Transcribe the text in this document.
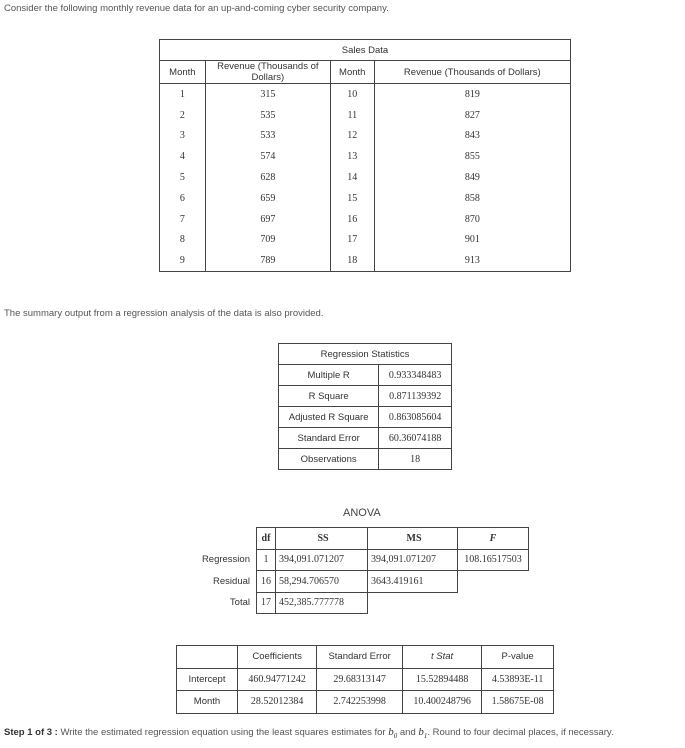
Consider the following monthly revenue data for an up-and-coming cyber security company.
Sales Data			
Month	Revenue (Thousands of Dollars)	Month	Revenue (Thousands of Dollars)
1	315	10	819
2	535	11	827
3	533	12	843
4	574	13	855
5	628	14	849
6	659	15	858
7	697	16	870
8	709	17	901
9	789	18	913
The summary output from a regression analysis of the data is also provided.
Regression Statistics	
Multiple R	0.933348483
R Square	0.871139392
Adjusted R Square	0.863085604
Standard Error	60.36074188
Observations	18
ANOVA
	df	SS	MS	F
Regression	1	394,091.071207	394,091.071207	108.16517503
Residual	16	58,294.706570	3643.419161	
Total	17	452,385.777778		
	Coefficients	Standard Error	t Stat	P-value
Intercept	460.94771242	29.68313147	15.52894488	4.53893E-11
Month	28.52012384	2.742253998	10.400248796	1.58675E-08
Step 1 of 3 : Write the estimated regression equation using the least squares estimates for $b_0$ and $b_1$. Round to four decimal places, if necessary.
